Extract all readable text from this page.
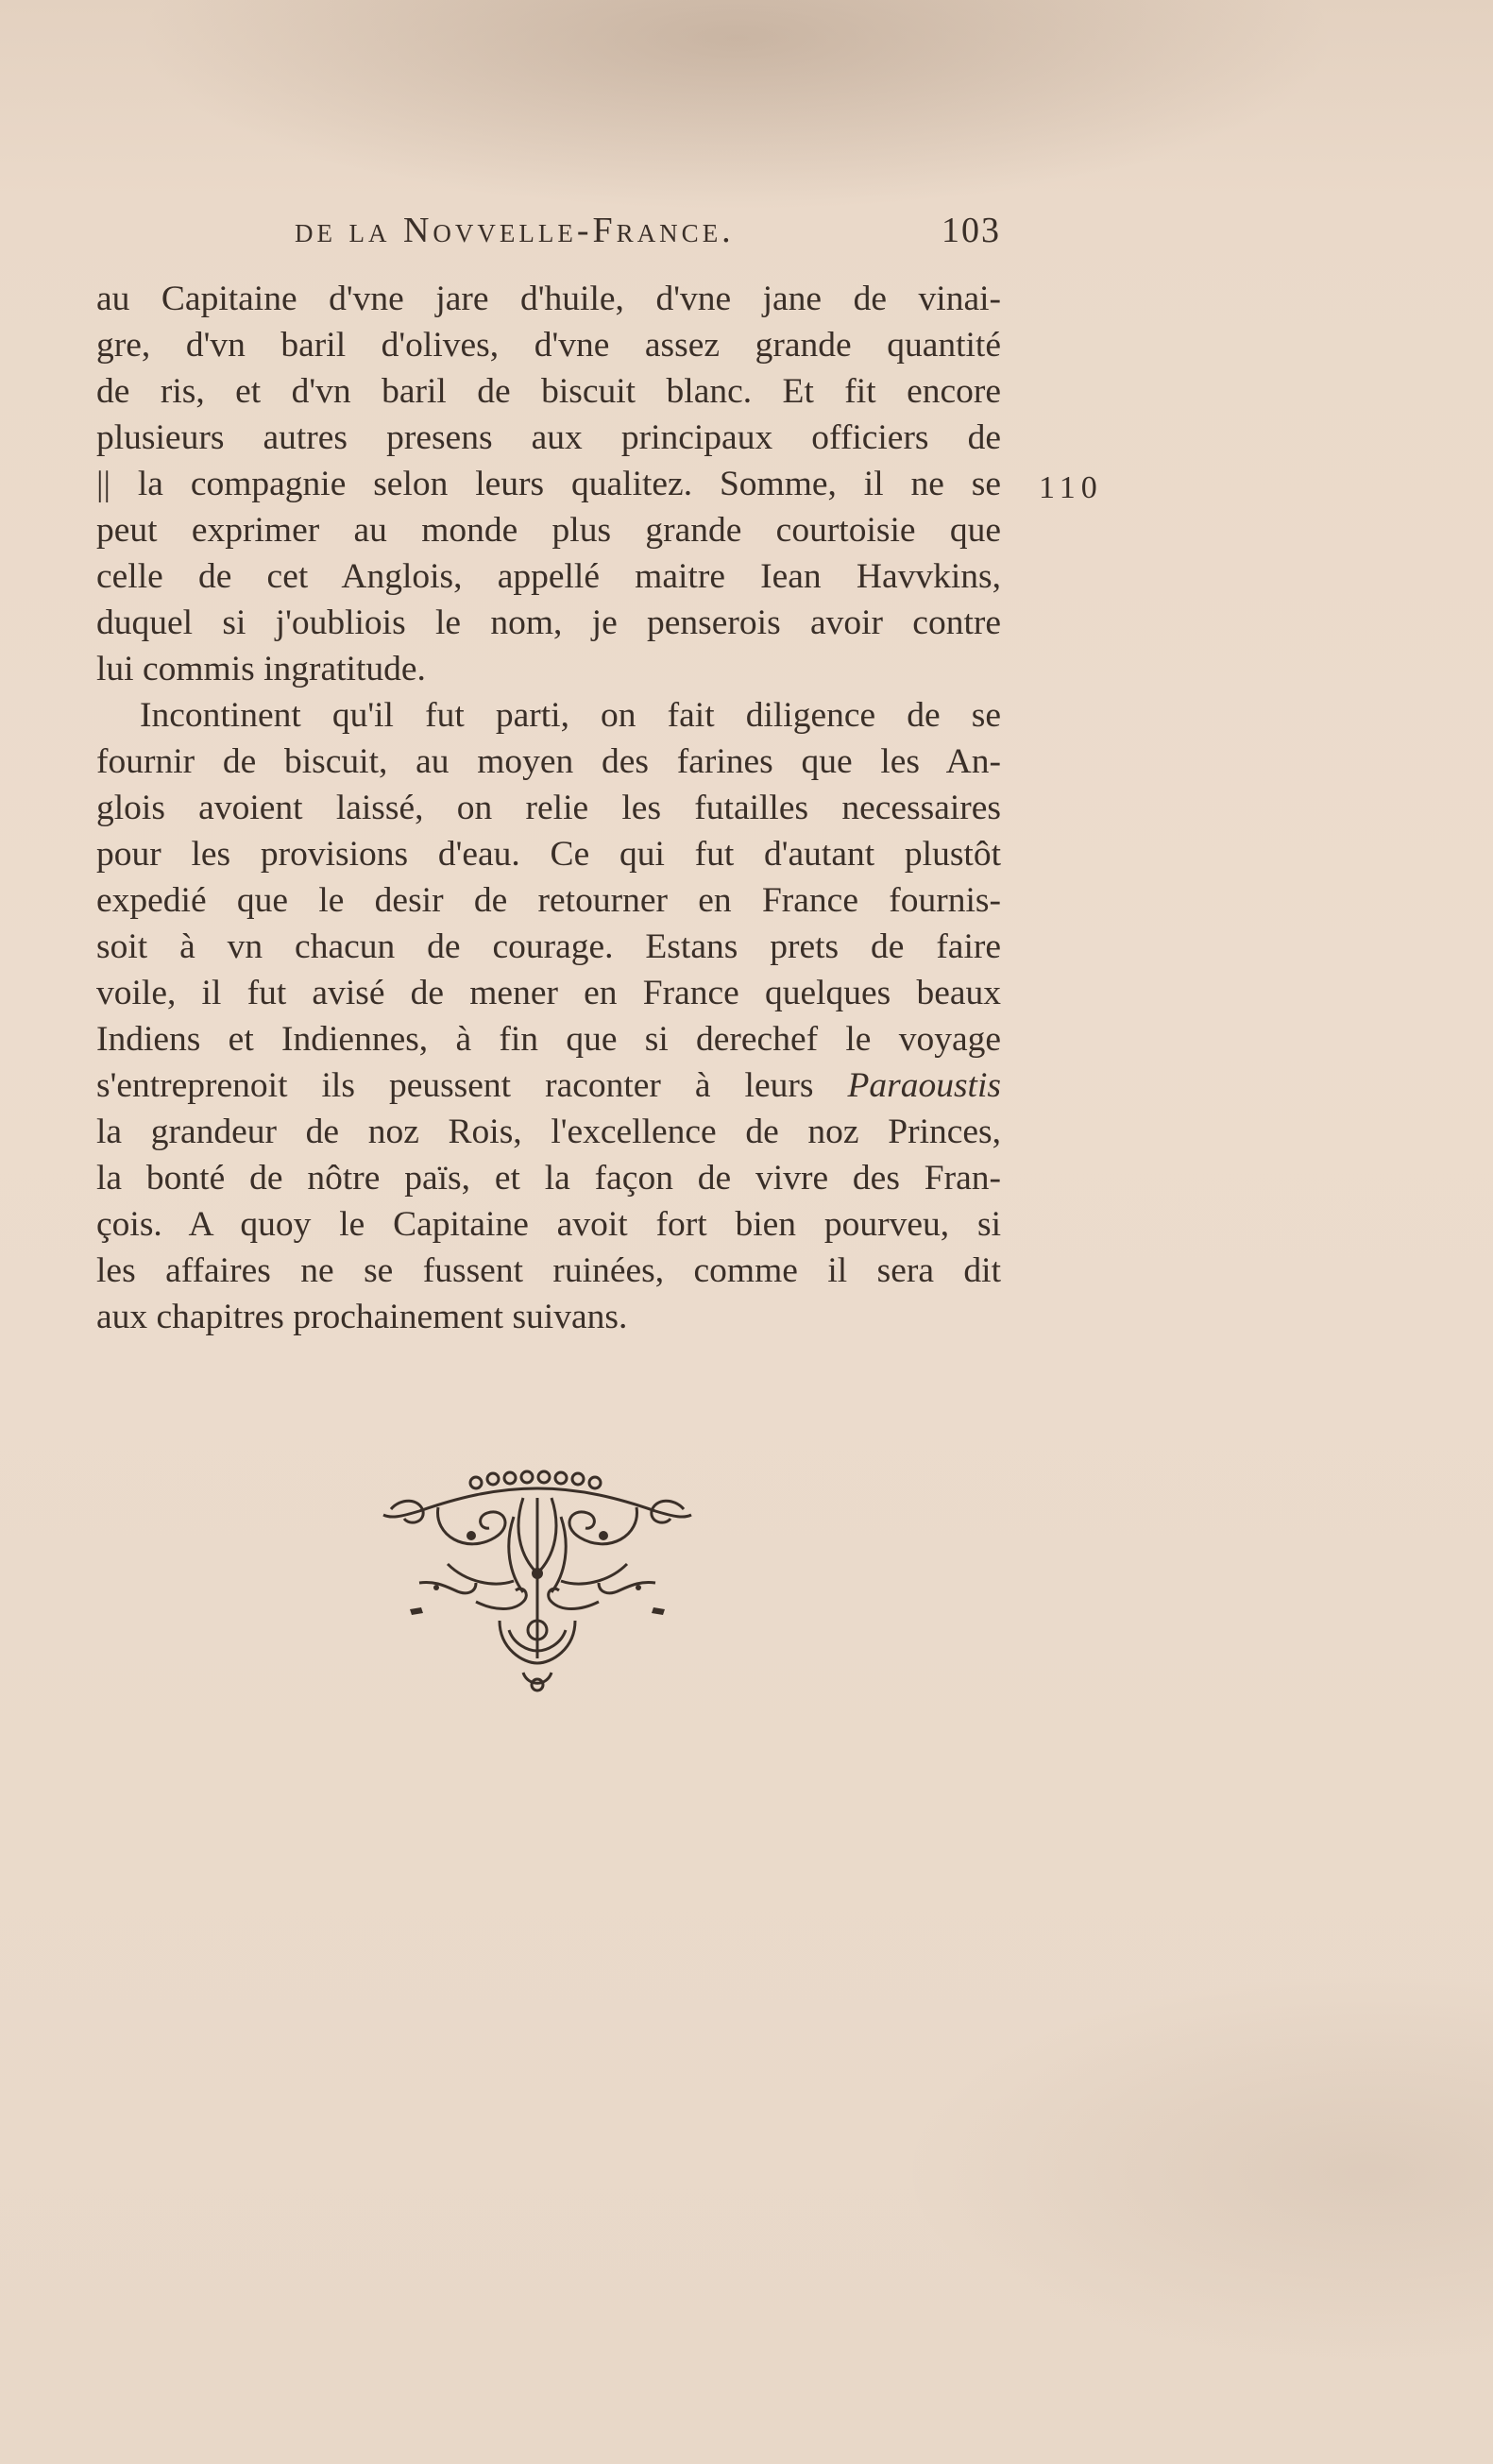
de la Novvelle-France.	103
110
au Capitaine d'vne jare d'huile, d'vne jane de vinai-
gre, d'vn baril d'olives, d'vne assez grande quantité
de ris, et d'vn baril de biscuit blanc. Et fit encore
plusieurs autres presens aux principaux officiers de
|| la compagnie selon leurs qualitez. Somme, il ne se
peut exprimer au monde plus grande courtoisie que
celle de cet Anglois, appellé maitre Iean Havvkins,
duquel si j'oubliois le nom, je penserois avoir contre
lui commis ingratitude.
Incontinent qu'il fut parti, on fait diligence de se
fournir de biscuit, au moyen des farines que les An-
glois avoient laissé, on relie les futailles necessaires
pour les provisions d'eau. Ce qui fut d'autant plustôt
expedié que le desir de retourner en France fournis-
soit à vn chacun de courage. Estans prets de faire
voile, il fut avisé de mener en France quelques beaux
Indiens et Indiennes, à fin que si derechef le voyage
s'entreprenoit ils peussent raconter à leurs Paraoustis
la grandeur de noz Rois, l'excellence de noz Princes,
la bonté de nôtre païs, et la façon de vivre des Fran-
çois. A quoy le Capitaine avoit fort bien pourveu, si
les affaires ne se fussent ruinées, comme il sera dit
aux chapitres prochainement suivans.
